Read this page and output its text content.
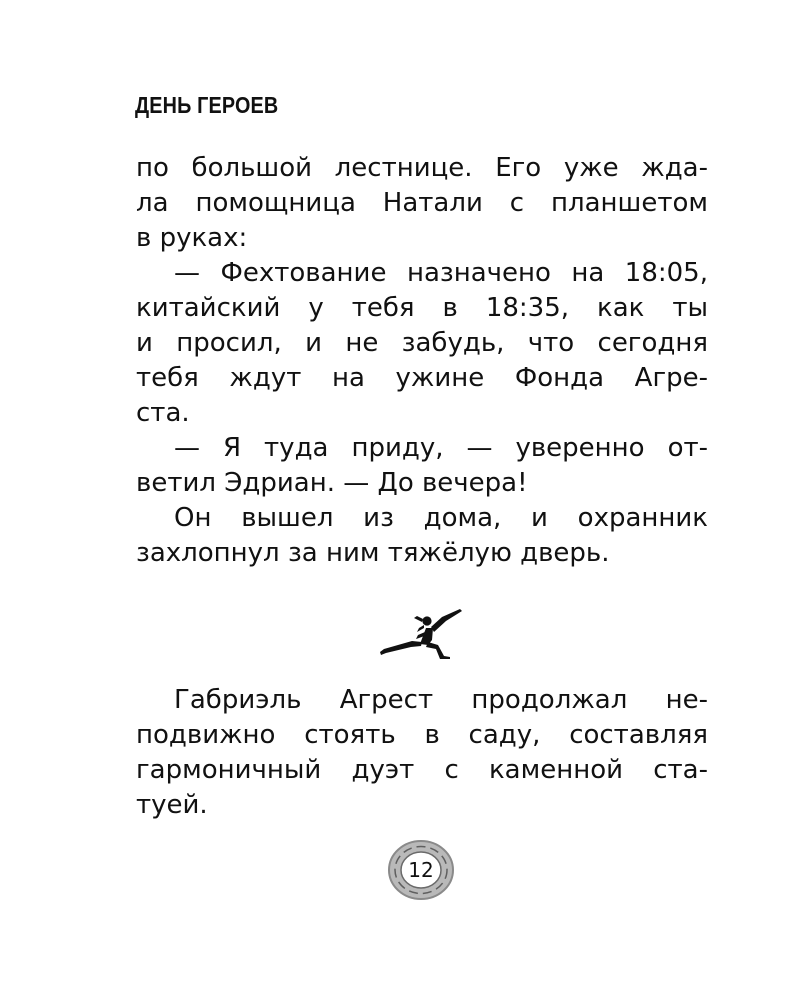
ДЕНЬ ГЕРОЕВ
по большой лестнице. Его уже жда-
ла помощница Натали с планшетом
в руках:
— Фехтование назначено на 18:05,
китайский у тебя в 18:35, как ты
и просил, и не забудь, что сегодня
тебя ждут на ужине Фонда Агре-
ста.
— Я туда приду, — уверенно от-
ветил Эдриан. — До вечера!
Он вышел из дома, и охранник
захлопнул за ним тяжёлую дверь.
Габриэль Агрест продолжал не-
подвижно стоять в саду, составляя
гармоничный дуэт с каменной ста-
туей.
12
